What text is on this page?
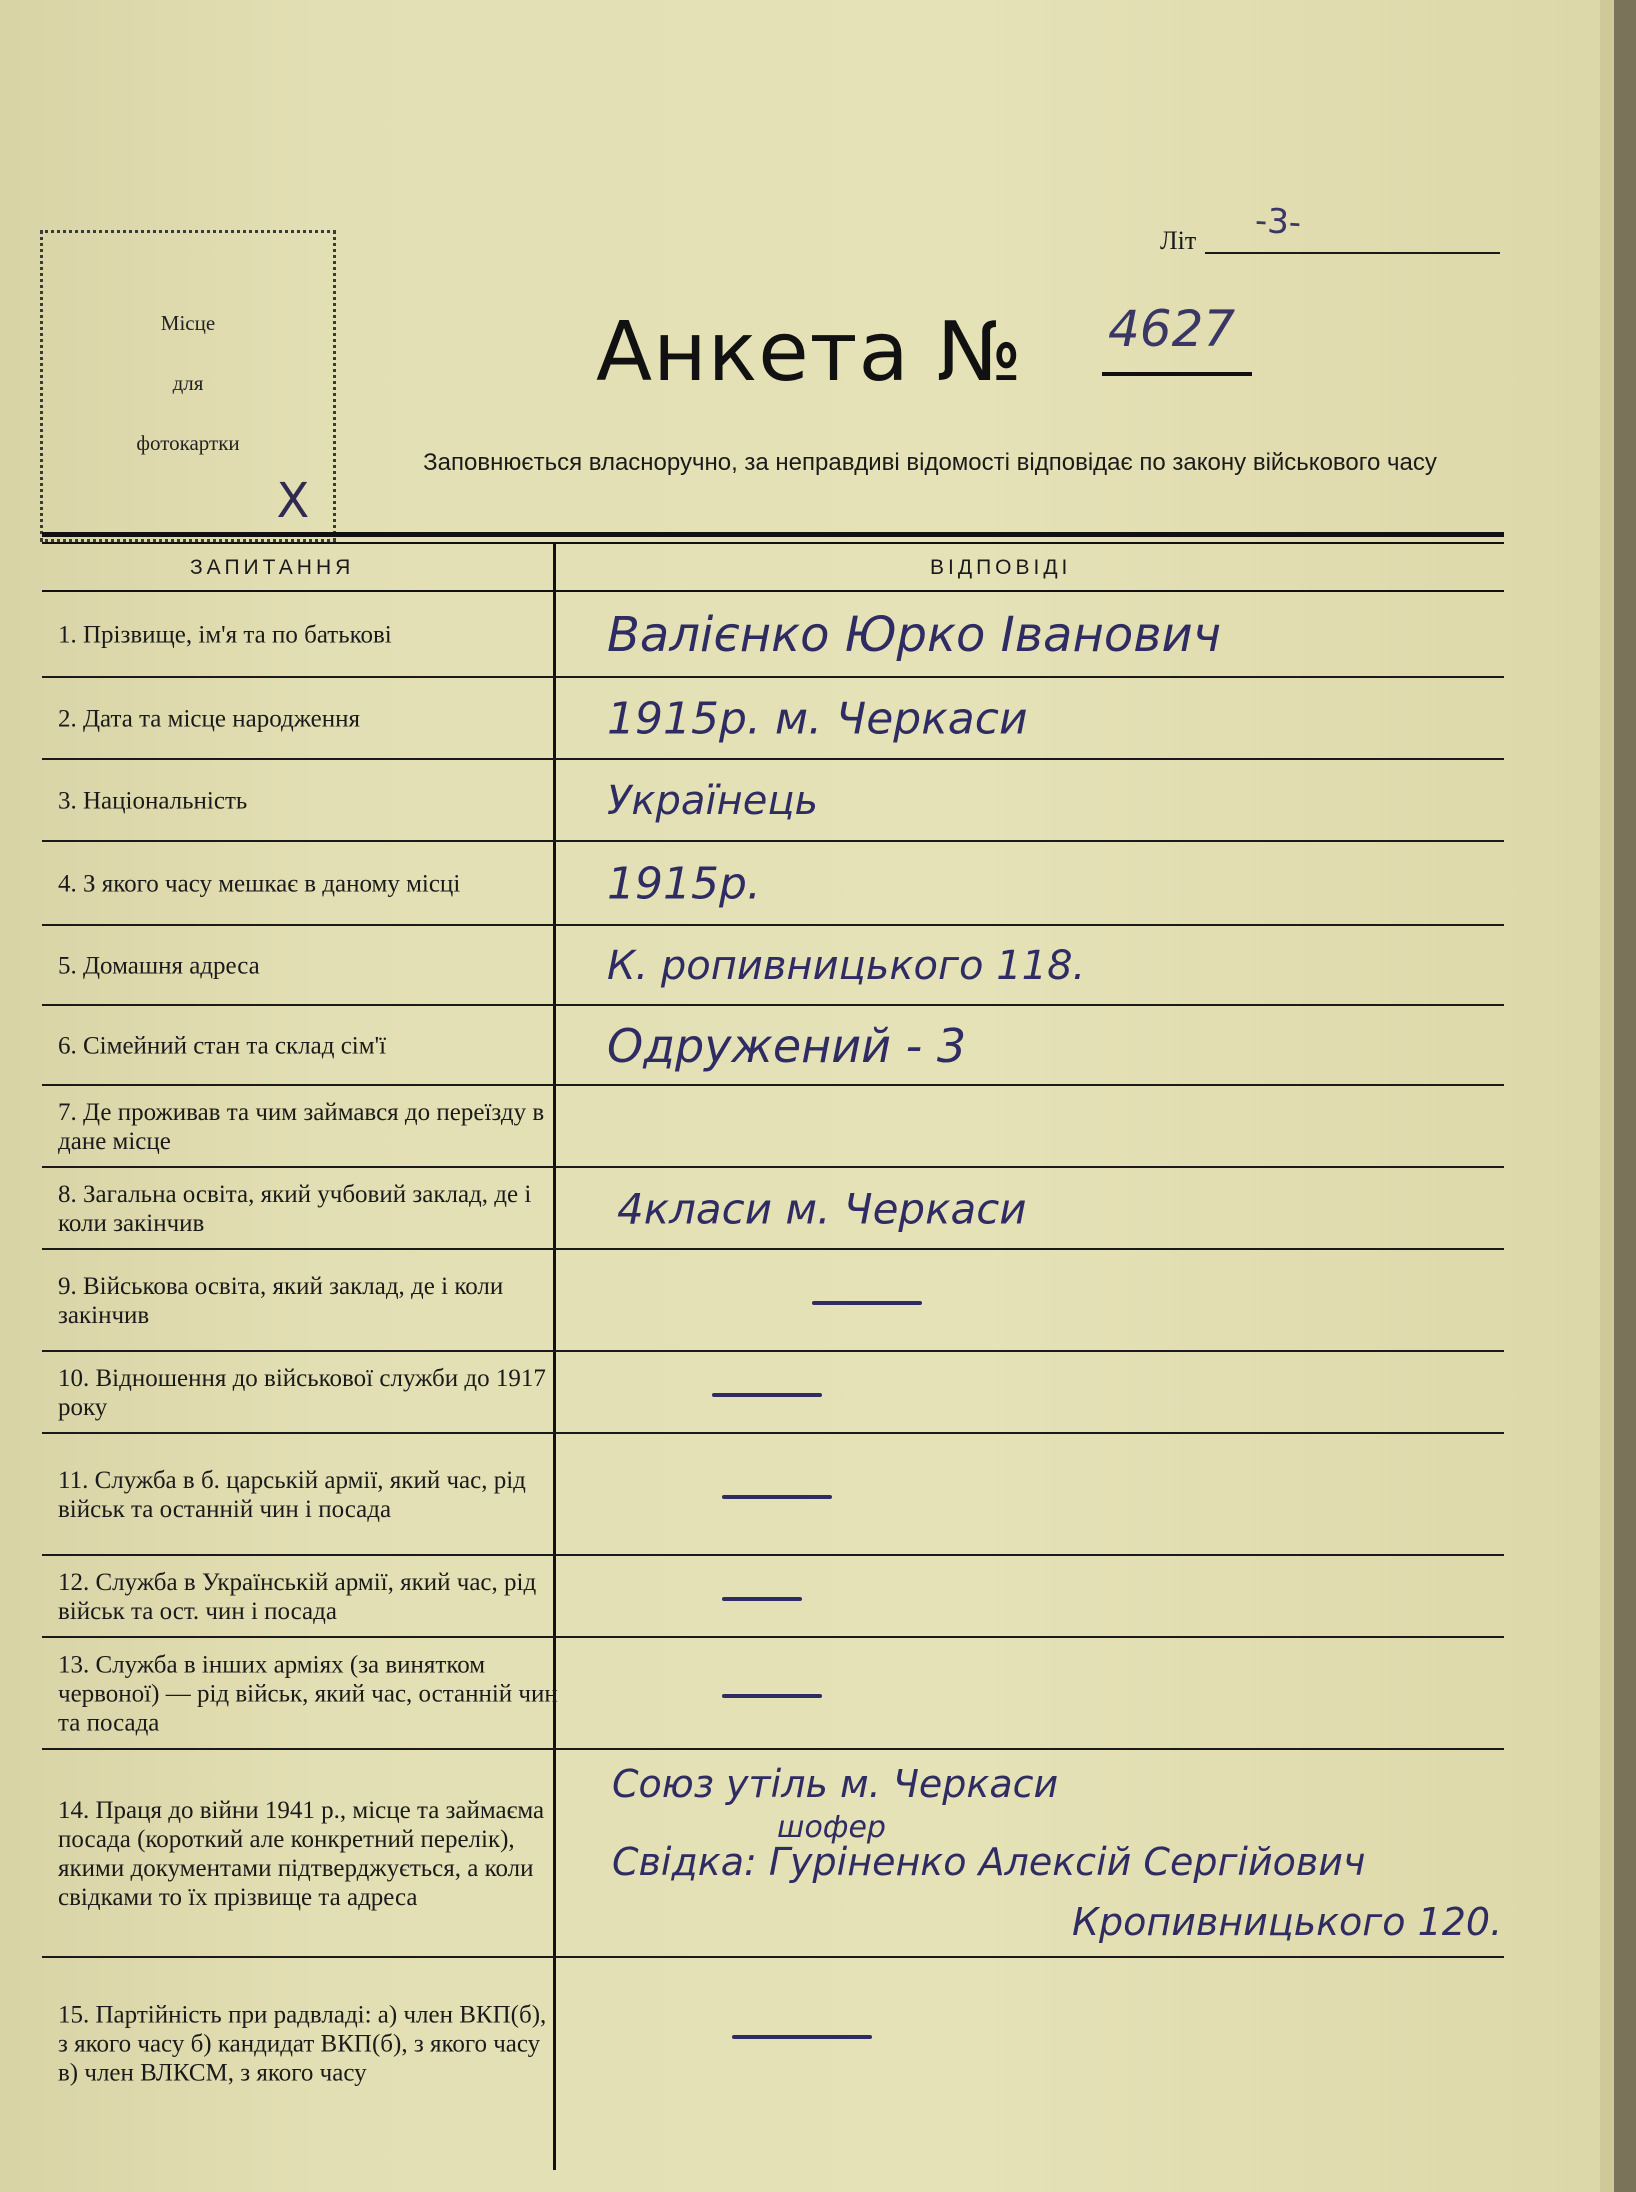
Місце
для
фотокартки
X
Літ -3-
Анкета № 4627
Заповнюється власноручно, за неправдиві відомості відповідає по закону військового часу
ЗАПИТАННЯ	ВІДПОВІДІ
1. Прізвище, ім'я та по батькові	Валієнко Юрко Іванович
2. Дата та місце народження	1915р. м. Черкаси
3. Національність	Українець
4. З якого часу мешкає в даному місці	1915р.
5. Домашня адреса	К. ропивницького 118.
6. Сімейний стан та склад сім'ї	Одружений - 3
7. Де проживав та чим займався до переїзду в дане місце
8. Загальна освіта, який учбовий заклад, де і коли закінчив	4класи м. Черкаси
9. Військова освіта, який заклад, де і коли закінчив
10. Відношення до військової служби до 1917 року
11. Служба в б. царській армії, який час, рід військ та останній чин і посада
12. Служба в Українській армії, який час, рід військ та ост. чин і посада
13. Служба в інших арміях (за винятком червоної) — рід військ, який час, останній чин та посада
14. Праця до війни 1941 р., місце та займаєма посада (короткий але конкретний перелік), якими документами підтверджується, а коли свідками то їх прізвище та адреса
Союз утіль м. Черкаси
шофер
Свідка: Гуріненко Алексій Сергійович
Кропивницького 120.
15. Партійність при радвладі: а) член ВКП(б), з якого часу б) кандидат ВКП(б), з якого часу в) член ВЛКСМ, з якого часу
